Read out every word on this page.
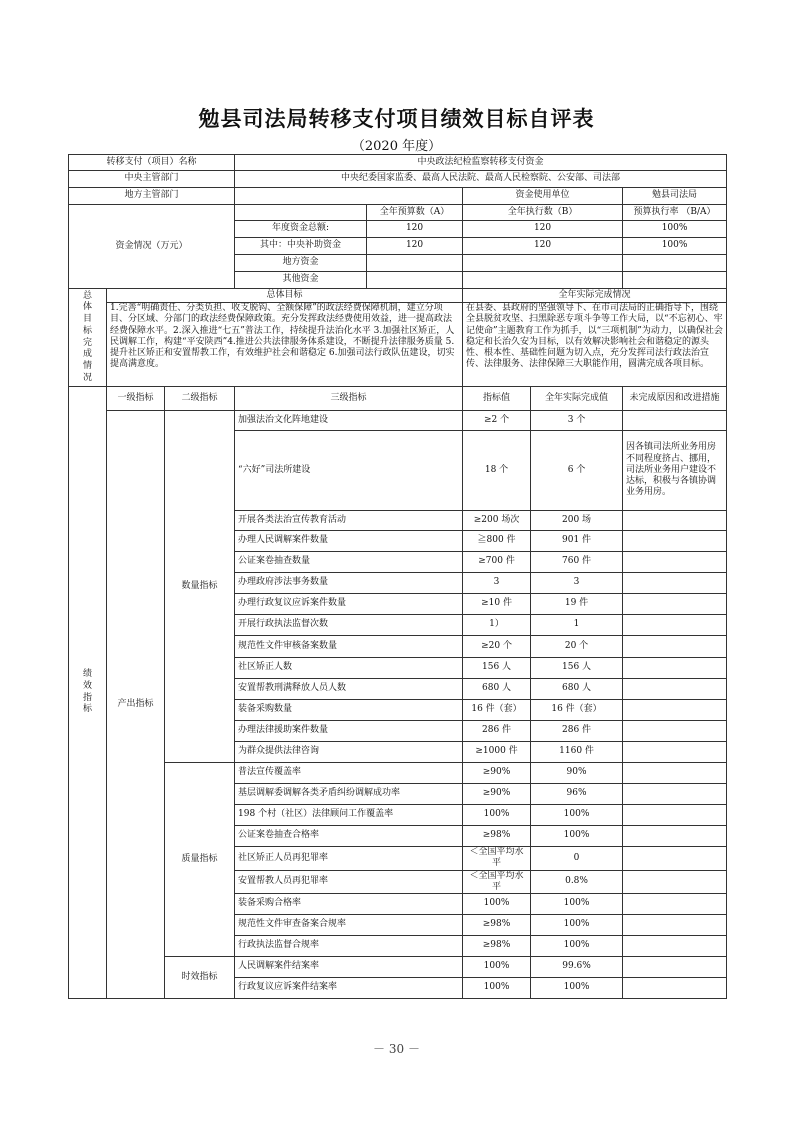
勉县司法局转移支付项目绩效目标自评表
（2020 年度）
转移支付（项目）名称			中央政法纪检监察转移支付资金				
中央主管部门			中央纪委国家监委、最高人民法院、最高人民检察院、公安部、司法部				
地方主管部门					资金使用单位		勉县司法局
资金情况（万元）				全年预算数（A）	全年执行数（B）		预算执行率 （B/A）
			年度资金总额:	120	120		100%
			其中：中央补助资金	120	120		100%
			地方资金				
			其他资金				
总体目标完成情况	总体目标				全年实际完成情况		
	1.完善“明确责任、分类负担、收支脱钩、全额保障”的政法经费保障机制，建立分项目、分区域、分部门的政法经费保障政策。充分发挥政法经费使用效益，进一提高政法经费保障水平。2.深入推进“七五”普法工作，持续提升法治化水平 3.加强社区矫正，人民调解工作，构建“平安陕西”4.推进公共法律服务体系建设，不断提升法律服务质量 5.提升社区矫正和安置帮教工作，有效维护社会和谐稳定 6.加强司法行政队伍建设，切实提高满意度。				在县委、县政府的坚强领导下、在市司法局的正确指导下，围绕全县脱贫攻坚、扫黑除恶专项斗争等工作大局，以“不忘初心、牢记使命”主题教育工作为抓手，以“三项机制”为动力，以确保社会稳定和长治久安为目标，以有效解决影响社会和谐稳定的源头性、根本性、基础性问题为切入点，充分发挥司法行政法治宣传、法律服务、法律保障三大职能作用，圆满完成各项目标。		
绩效指标	一级指标	二级指标	三级指标		指标值	全年实际完成值	未完成原因和改进措施
	产出指标	数量指标	加强法治文化阵地建设		≥2 个	3 个	
			“六好”司法所建设		18 个	6 个	因各镇司法所业务用房不同程度挤占、挪用，司法所业务用户建设不达标，积极与各镇协调业务用房。
			开展各类法治宣传教育活动		≥200 场次	200 场	
			办理人民调解案件数量		≧800 件	901 件	
			公证案卷抽查数量		≥700 件	760 件	
			办理政府涉法事务数量		3	3	
			办理行政复议应诉案件数量		≥10 件	19 件	
			开展行政执法监督次数		1）	1	
			规范性文件审核备案数量		≥20 个	20 个	
			社区矫正人数		156 人	156 人	
			安置帮教刑满释放人员人数		680 人	680 人	
			装备采购数量		16 件（套）	16 件（套）	
			办理法律援助案件数量		286 件	286 件	
			为群众提供法律咨询		≥1000 件	1160 件	
		质量指标	普法宣传覆盖率		≥90%	90%	
			基层调解委调解各类矛盾纠纷调解成功率		≥90%	96%	
			198 个村（社区）法律顾问工作覆盖率		100%	100%	
			公证案卷抽查合格率		≥98%	100%	
			社区矫正人员再犯罪率		＜全国平均水平	0	
			安置帮教人员再犯罪率		＜全国平均水平	0.8%	
			装备采购合格率		100%	100%	
			规范性文件审查备案合规率		≥98%	100%	
			行政执法监督合规率		≥98%	100%	
		时效指标	人民调解案件结案率		100%	99.6%	
			行政复议应诉案件结案率		100%	100%	
－ 30 －
